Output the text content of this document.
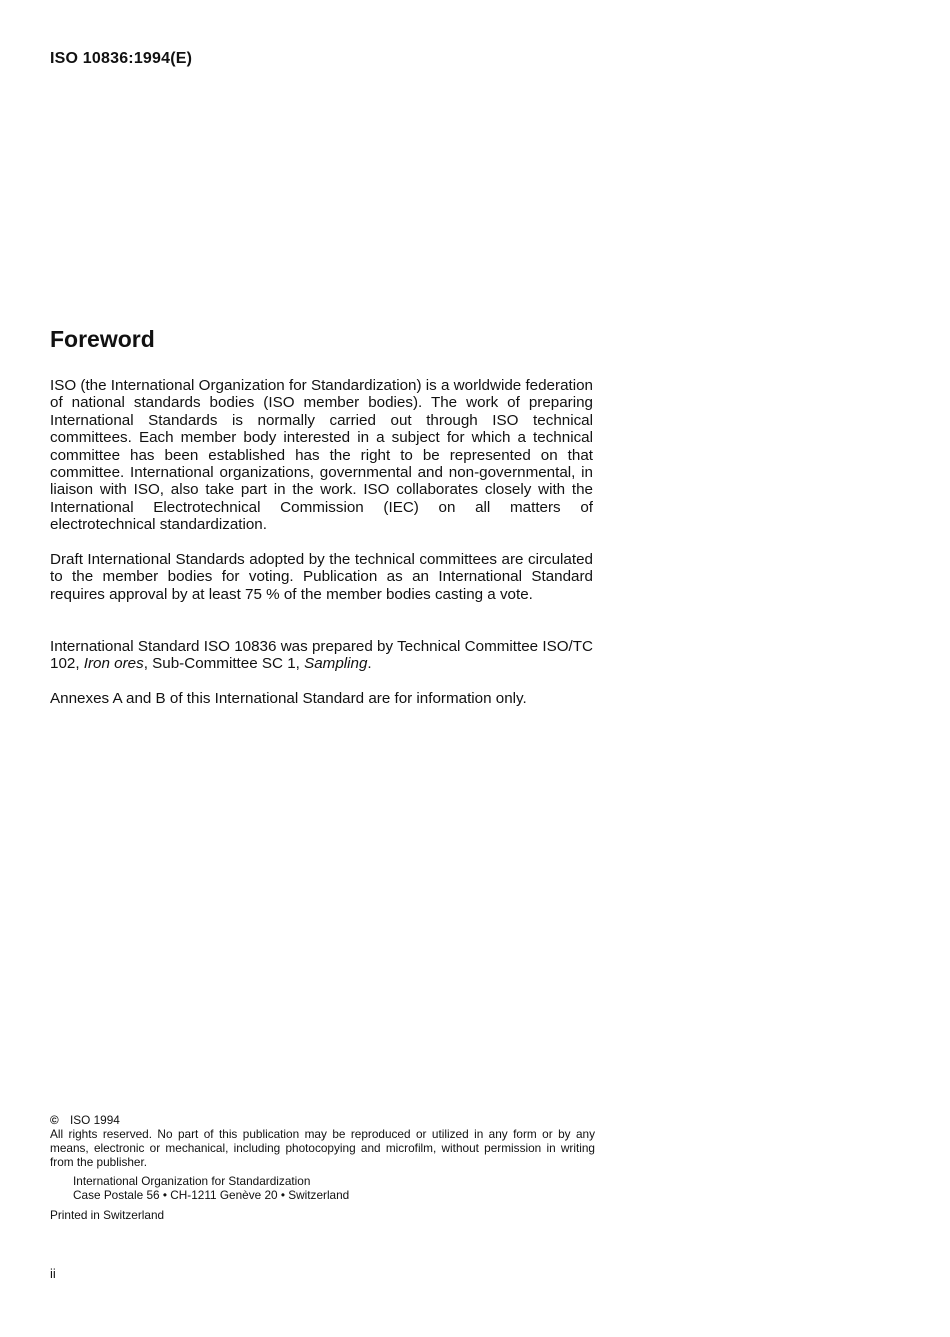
ISO 10836:1994(E)
Foreword

ISO (the International Organization for Standardization) is a worldwide federation of national standards bodies (ISO member bodies). The work of preparing International Standards is normally carried out through ISO technical committees. Each member body interested in a subject for which a technical committee has been established has the right to be represented on that committee. International organizations, governmental and non-governmental, in liaison with ISO, also take part in the work. ISO collaborates closely with the International Electrotechnical Commission (IEC) on all matters of electrotechnical standardization.

Draft International Standards adopted by the technical committees are circulated to the member bodies for voting. Publication as an International Standard requires approval by at least 75 % of the member bodies casting a vote.

International Standard ISO 10836 was prepared by Technical Committee ISO/TC 102, Iron ores, Sub-Committee SC 1, Sampling.

Annexes A and B of this International Standard are for information only.

© ISO 1994

All rights reserved. No part of this publication may be reproduced or utilized in any form or by any means, electronic or mechanical, including photocopying and microfilm, without permission in writing from the publisher.

International Organization for Standardization

Case Postale 56 • CH-1211 Genève 20 • Switzerland

Printed in Switzerland

ii
